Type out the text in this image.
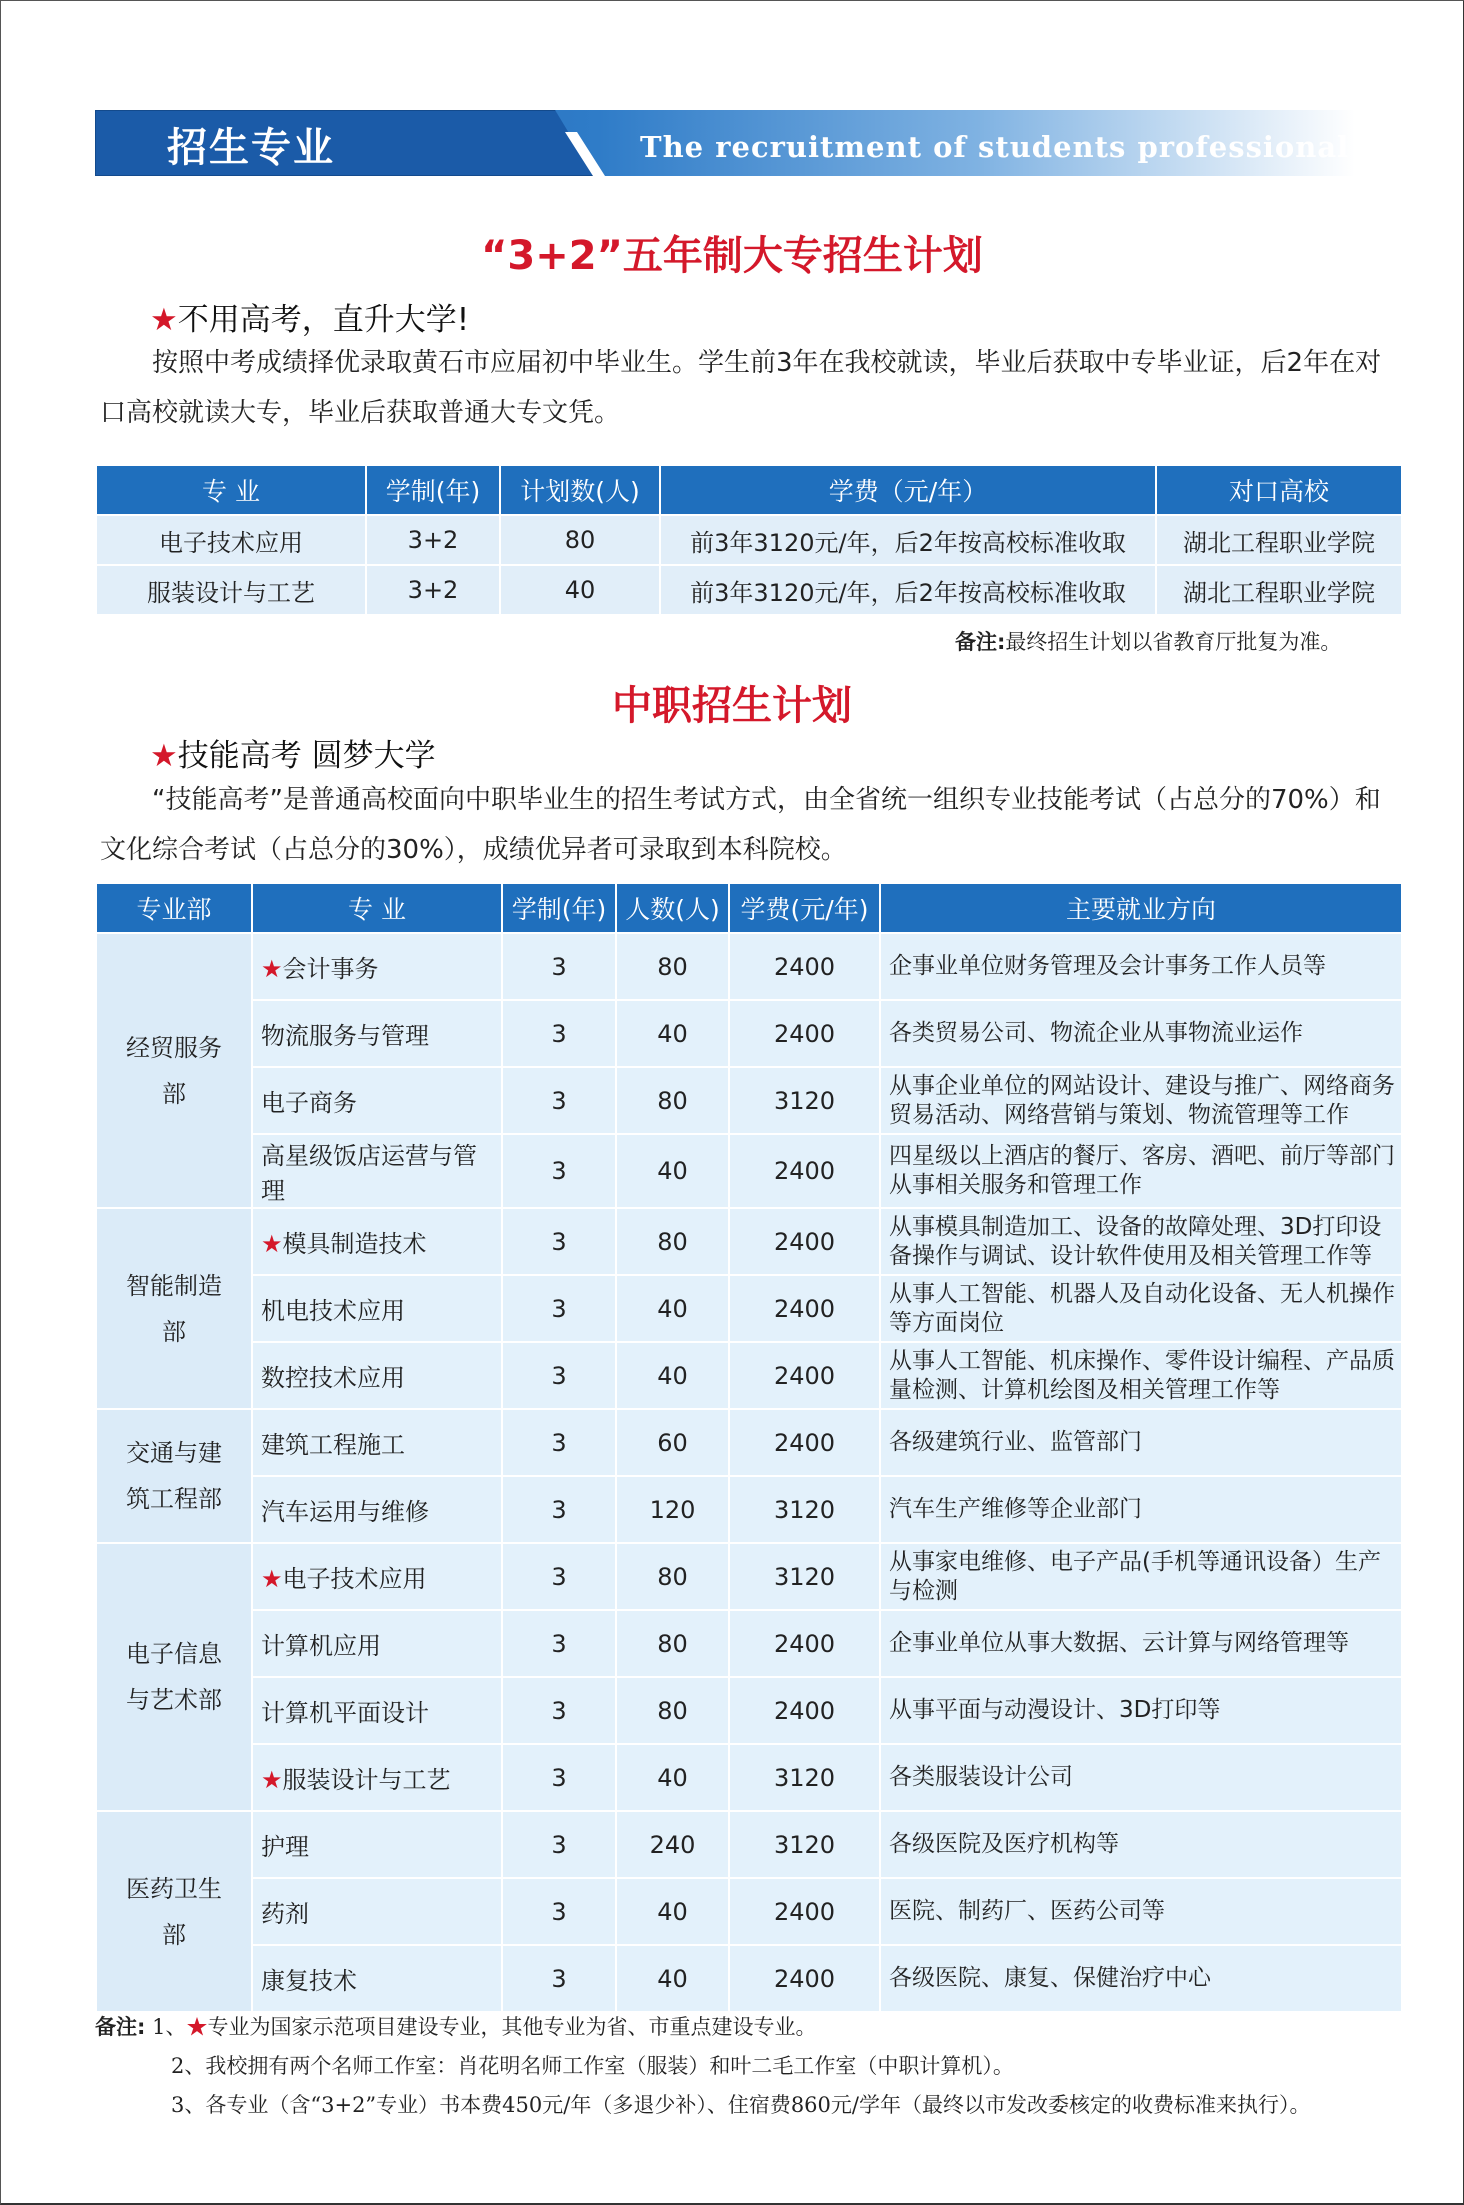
招生专业	The recruitment of students professional
“3+2”五年制大专招生计划
★不用高考，直升大学!
按照中考成绩择优录取黄石市应届初中毕业生。学生前3年在我校就读，毕业后获取中专毕业证，后2年在对口高校就读大专，毕业后获取普通大专文凭。
专 业	学制(年)	计划数(人)	学费（元/年）	对口高校
电子技术应用	3+2	80	前3年3120元/年，后2年按高校标准收取	湖北工程职业学院
服装设计与工艺	3+2	40	前3年3120元/年，后2年按高校标准收取	湖北工程职业学院
备注:最终招生计划以省教育厅批复为准。
中职招生计划
★技能高考 圆梦大学
“技能高考”是普通高校面向中职毕业生的招生考试方式，由全省统一组织专业技能考试（占总分的70%）和文化综合考试（占总分的30%），成绩优异者可录取到本科院校。
专业部	专 业	学制(年)	人数(人)	学费(元/年)	主要就业方向

经贸服务部	★会计事务	3	80	2400	企事业单位财务管理及会计事务工作人员等
	物流服务与管理	3	40	2400	各类贸易公司、物流企业从事物流业运作
	电子商务	3	80	3120	从事企业单位的网站设计、建设与推广、网络商务贸易活动、网络营销与策划、物流管理等工作
	高星级饭店运营与管理	3	40	2400	四星级以上酒店的餐厅、客房、酒吧、前厅等部门从事相关服务和管理工作

智能制造部	★模具制造技术	3	80	2400	从事模具制造加工、设备的故障处理、3D打印设备操作与调试、设计软件使用及相关管理工作等
	机电技术应用	3	40	2400	从事人工智能、机器人及自动化设备、无人机操作等方面岗位
	数控技术应用	3	40	2400	从事人工智能、机床操作、零件设计编程、产品质量检测、计算机绘图及相关管理工作等

交通与建筑工程部	建筑工程施工	3	60	2400	各级建筑行业、监管部门
	汽车运用与维修	3	120	3120	汽车生产维修等企业部门

电子信息与艺术部	★电子技术应用	3	80	3120	从事家电维修、电子产品(手机等通讯设备）生产与检测
	计算机应用	3	80	2400	企事业单位从事大数据、云计算与网络管理等
	计算机平面设计	3	80	2400	从事平面与动漫设计、3D打印等
	★服装设计与工艺	3	40	3120	各类服装设计公司

医药卫生部	护理	3	240	3120	各级医院及医疗机构等
	药剂	3	40	2400	医院、制药厂、医药公司等
	康复技术	3	40	2400	各级医院、康复、保健治疗中心
备注: 1、★专业为国家示范项目建设专业，其他专业为省、市重点建设专业。
2、我校拥有两个名师工作室：肖花明名师工作室（服装）和叶二毛工作室（中职计算机）。
3、各专业（含“3+2”专业）书本费450元/年（多退少补）、住宿费860元/学年（最终以市发改委核定的收费标准来执行）。
